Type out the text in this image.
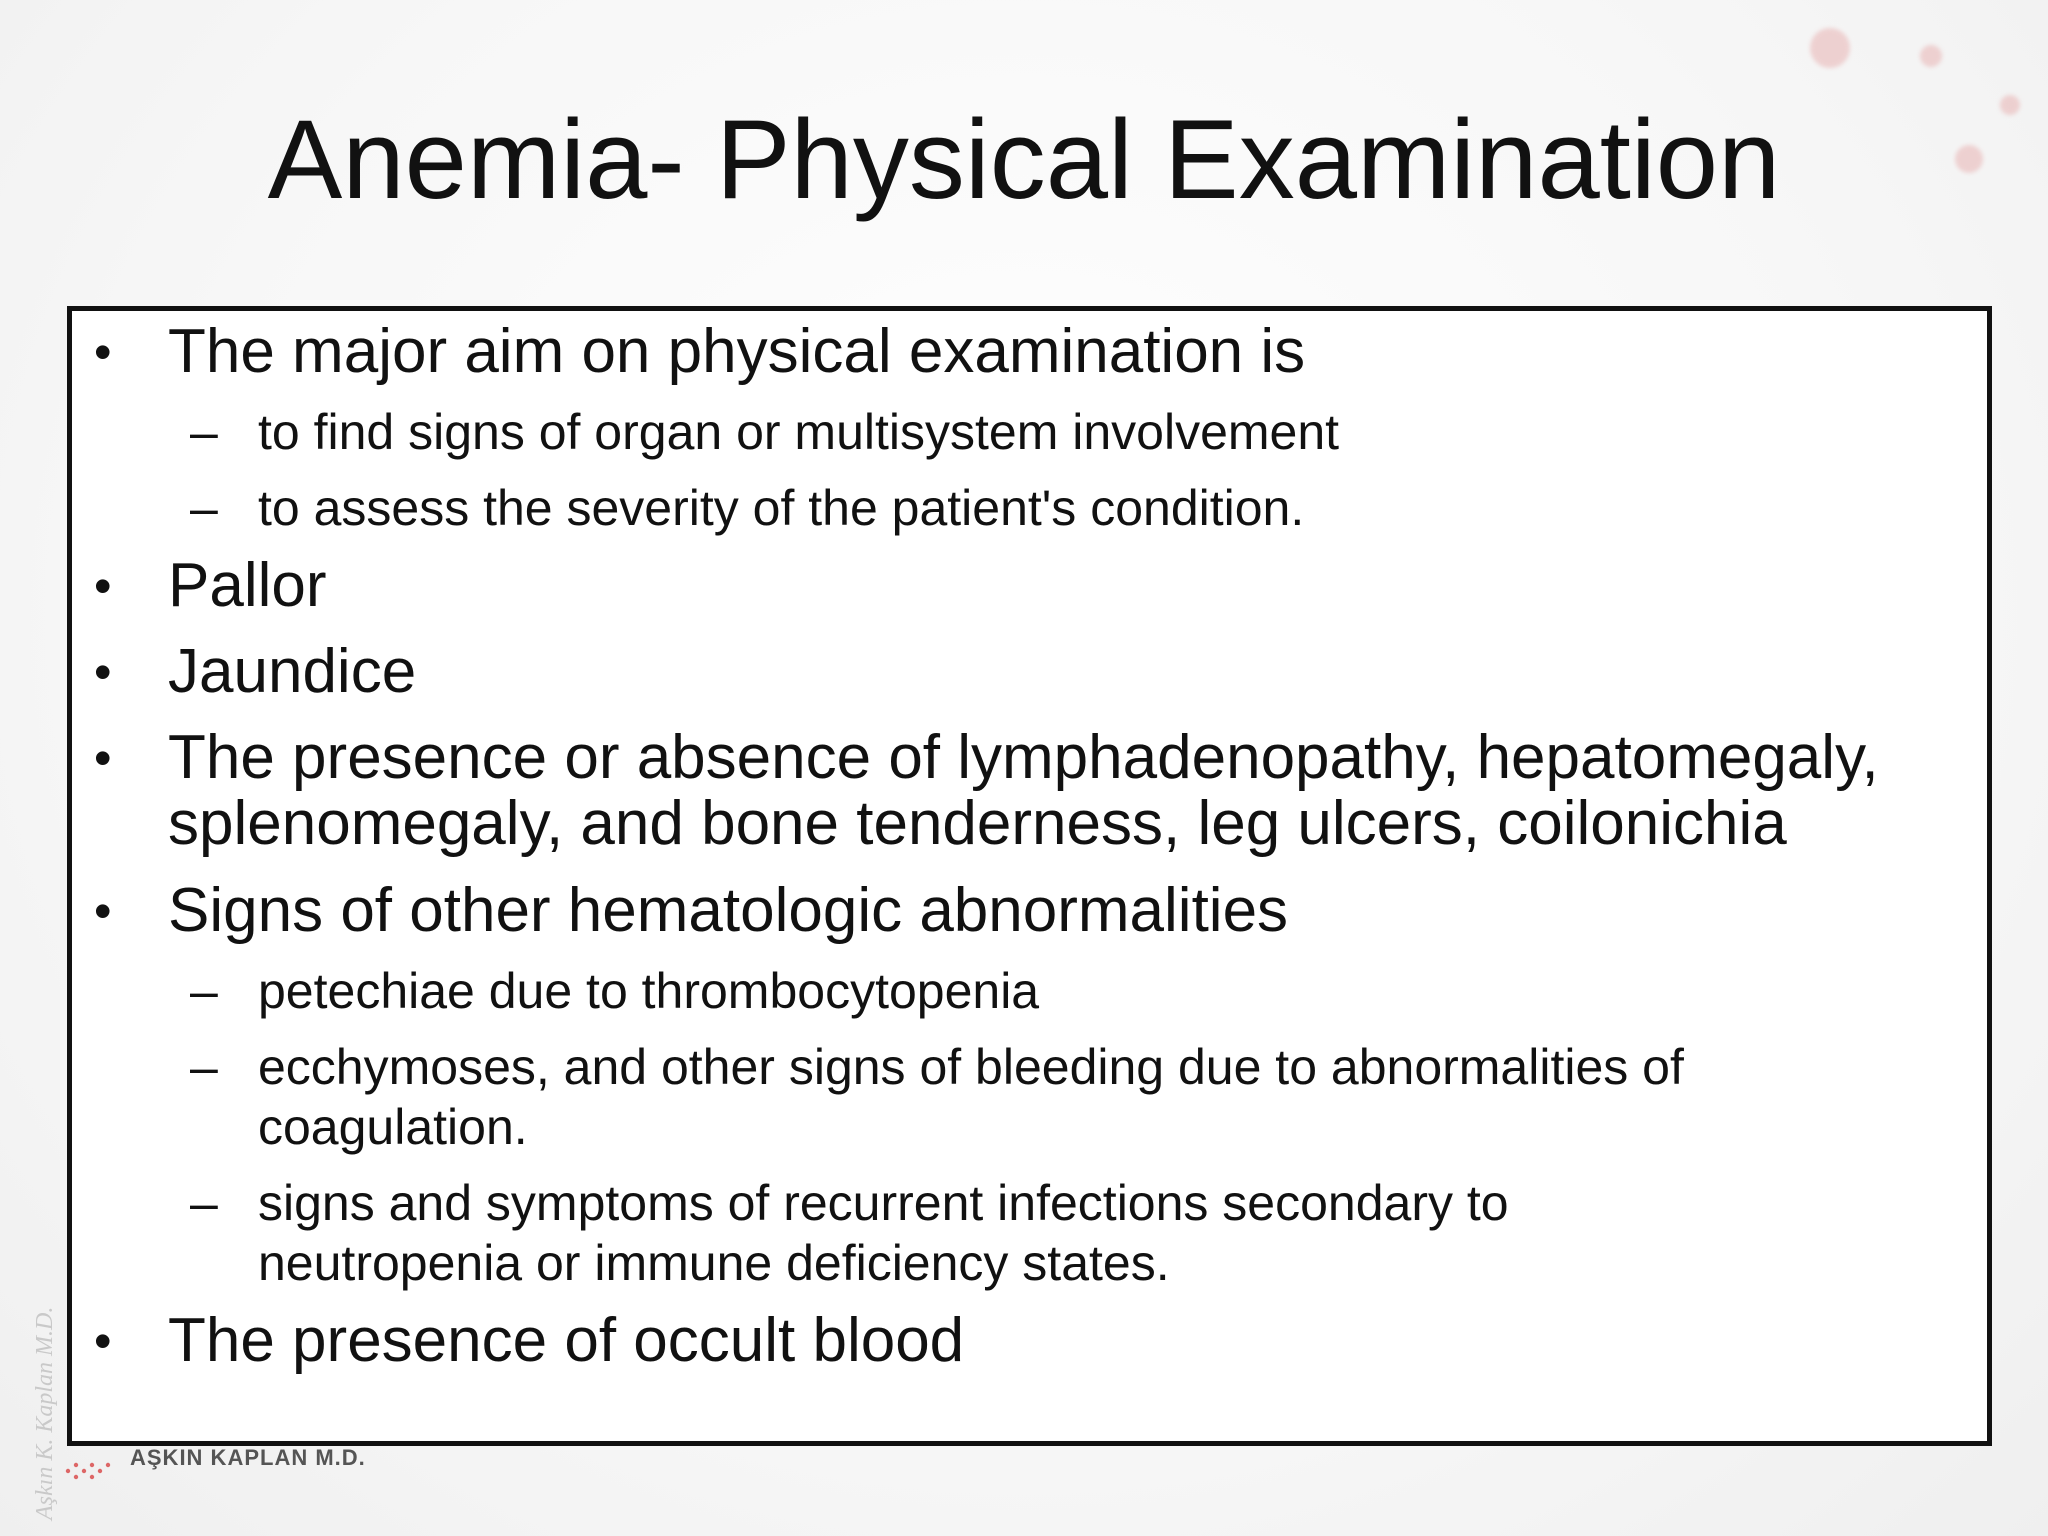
Anemia- Physical Examination
• The major aim on physical examination is
– to find signs of organ or multisystem involvement
– to assess the severity of the patient's condition.
• Pallor
• Jaundice
• The presence or absence of lymphadenopathy, hepatomegaly,
splenomegaly, and bone tenderness, leg ulcers, coilonichia
• Signs of other hematologic abnormalities
– petechiae due to thrombocytopenia
– ecchymoses, and other signs of bleeding due to abnormalities of
coagulation.
– signs and symptoms of recurrent infections secondary to
neutropenia or immune deficiency states.
• The presence of occult blood
AŞKIN KAPLAN M.D.
Aşkın K. Kaplan M.D.
